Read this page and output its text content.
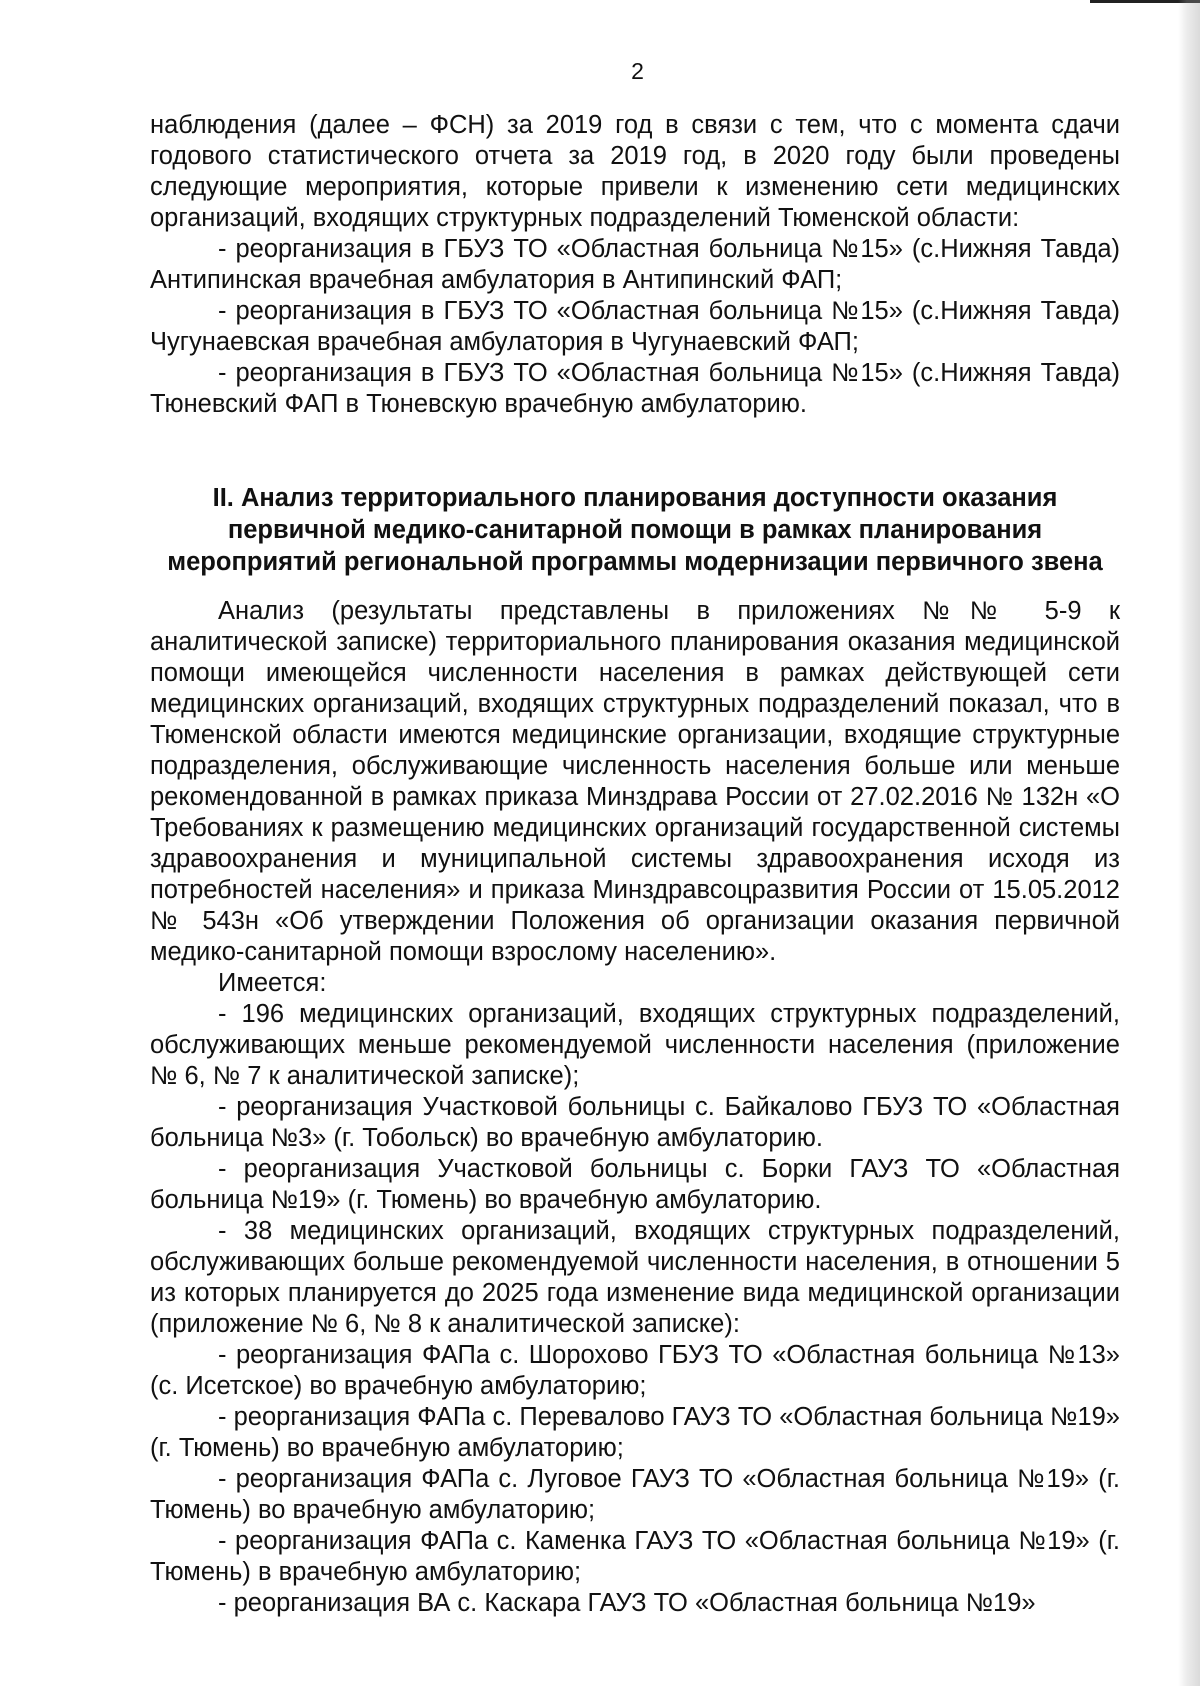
2

наблюдения (далее – ФСН) за 2019 год в связи с тем, что с момента сдачи годового статистического отчета за 2019 год, в 2020 году были проведены следующие мероприятия, которые привели к изменению сети медицинских организаций, входящих структурных подразделений Тюменской области:

- реорганизация в ГБУЗ ТО «Областная больница №15» (с.Нижняя Тавда) Антипинская врачебная амбулатория в Антипинский ФАП;

- реорганизация в ГБУЗ ТО «Областная больница №15» (с.Нижняя Тавда) Чугунаевская врачебная амбулатория в Чугунаевский ФАП;

- реорганизация в ГБУЗ ТО «Областная больница №15» (с.Нижняя Тавда) Тюневский ФАП в Тюневскую врачебную амбулаторию.

II. Анализ территориального планирования доступности оказания
первичной медико-санитарной помощи в рамках планирования
мероприятий региональной программы модернизации первичного звена

Анализ (результаты представлены в приложениях №№ 5-9 к аналитической записке) территориального планирования оказания медицинской помощи имеющейся численности населения в рамках действующей сети медицинских организаций, входящих структурных подразделений показал, что в Тюменской области имеются медицинские организации, входящие структурные подразделения, обслуживающие численность населения больше или меньше рекомендованной в рамках приказа Минздрава России от 27.02.2016 № 132н «О Требованиях к размещению медицинских организаций государственной системы здравоохранения и муниципальной системы здравоохранения исходя из потребностей населения» и приказа Минздравсоцразвития России от 15.05.2012 № 543н «Об утверждении Положения об организации оказания первичной медико-санитарной помощи взрослому населению».

Имеется:

- 196 медицинских организаций, входящих структурных подразделений, обслуживающих меньше рекомендуемой численности населения (приложение № 6, № 7 к аналитической записке);

- реорганизация Участковой больницы с. Байкалово ГБУЗ ТО «Областная больница №3» (г. Тобольск) во врачебную амбулаторию.

- реорганизация Участковой больницы с. Борки ГАУЗ ТО «Областная больница №19» (г. Тюмень) во врачебную амбулаторию.

- 38 медицинских организаций, входящих структурных подразделений, обслуживающих больше рекомендуемой численности населения, в отношении 5 из которых планируется до 2025 года изменение вида медицинской организации (приложение № 6, № 8 к аналитической записке):

- реорганизация ФАПа с. Шорохово ГБУЗ ТО «Областная больница №13» (с. Исетское) во врачебную амбулаторию;

- реорганизация ФАПа с. Перевалово ГАУЗ ТО «Областная больница №19» (г. Тюмень) во врачебную амбулаторию;

- реорганизация ФАПа с. Луговое ГАУЗ ТО «Областная больница №19» (г. Тюмень) во врачебную амбулаторию;

- реорганизация ФАПа с. Каменка ГАУЗ ТО «Областная больница №19» (г. Тюмень) в врачебную амбулаторию;

- реорганизация ВА с. Каскара ГАУЗ ТО «Областная больница №19»
